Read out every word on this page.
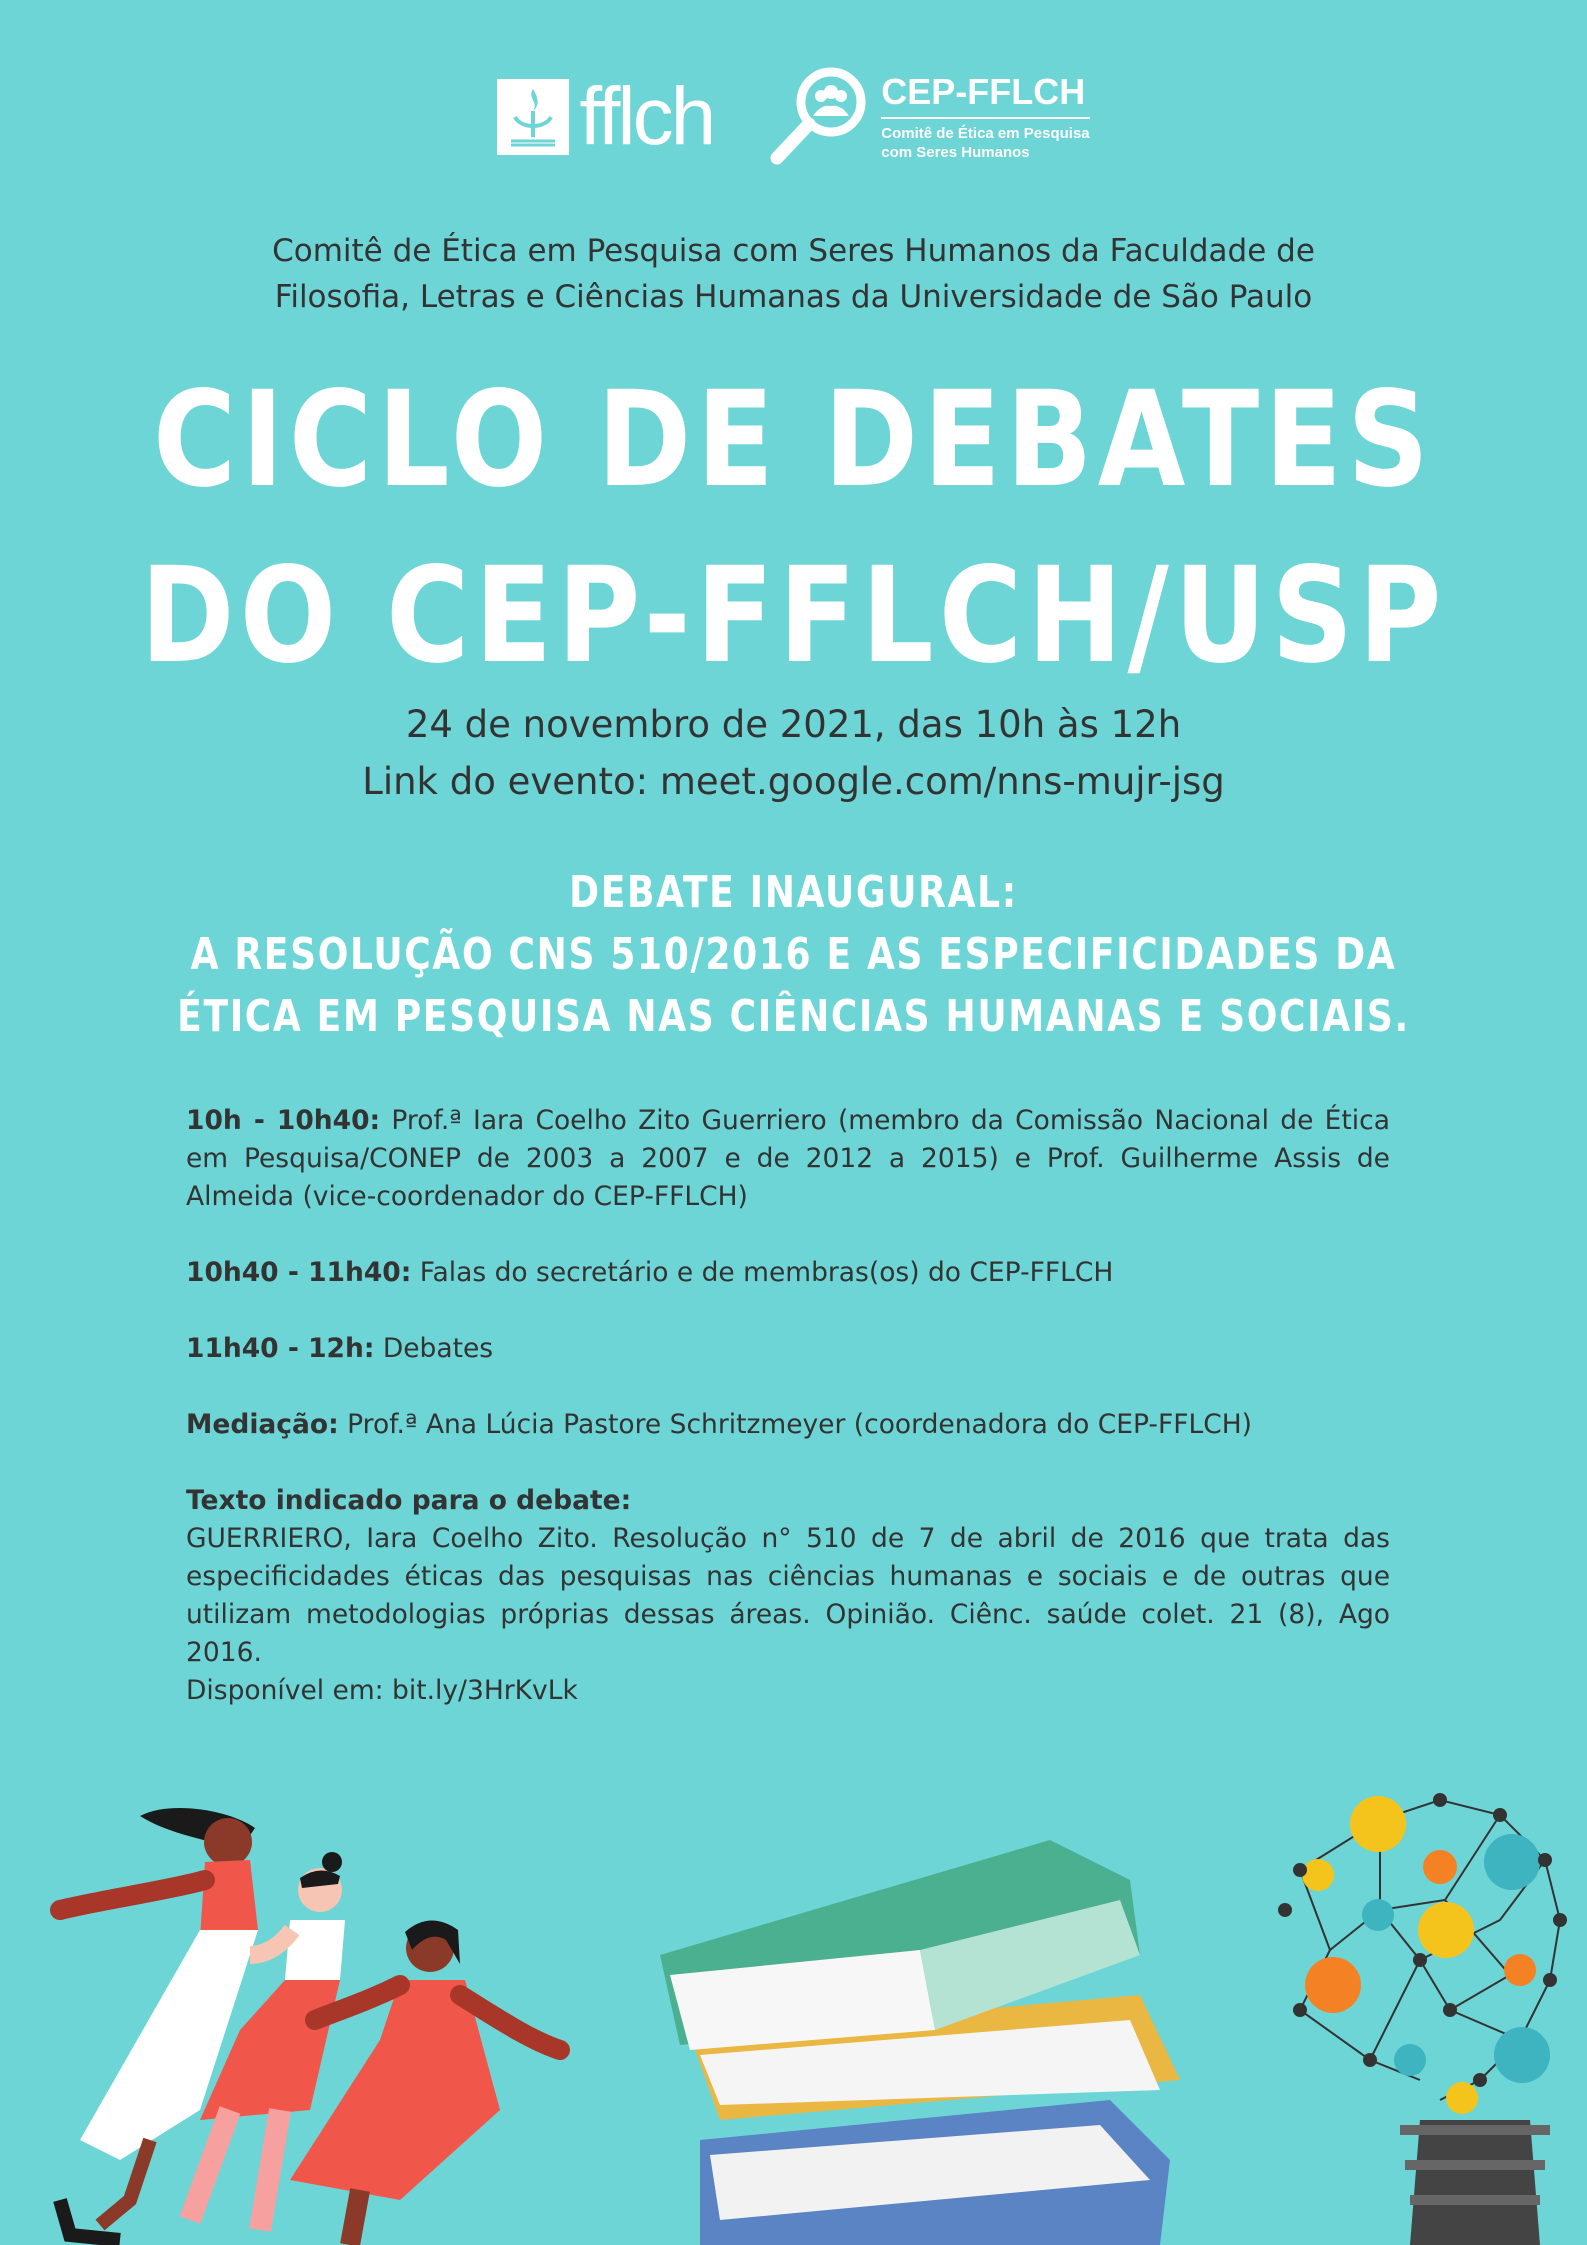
fflch	CEP-FFLCH
Comitê de Ética em Pesquisa
com Seres Humanos
Comitê de Ética em Pesquisa com Seres Humanos da Faculdade de
Filosofia, Letras e Ciências Humanas da Universidade de São Paulo
CICLO DE DEBATES
DO CEP-FFLCH/USP
24 de novembro de 2021, das 10h às 12h
Link do evento: meet.google.com/nns-mujr-jsg
DEBATE INAUGURAL:
A RESOLUÇÃO CNS 510/2016 E AS ESPECIFICIDADES DA
ÉTICA EM PESQUISA NAS CIÊNCIAS HUMANAS E SOCIAIS.

10h - 10h40: Prof.ª Iara Coelho Zito Guerriero (membro da Comissão Nacional de Ética em Pesquisa/CONEP de 2003 a 2007 e de 2012 a 2015) e Prof. Guilherme Assis de Almeida (vice-coordenador do CEP-FFLCH)

10h40 - 11h40: Falas do secretário e de membras(os) do CEP-FFLCH

11h40 - 12h: Debates

Mediação: Prof.ª Ana Lúcia Pastore Schritzmeyer (coordenadora do CEP-FFLCH)

Texto indicado para o debate:
GUERRIERO, Iara Coelho Zito. Resolução n° 510 de 7 de abril de 2016 que trata das especificidades éticas das pesquisas nas ciências humanas e sociais e de outras que utilizam metodologias próprias dessas áreas. Opinião. Ciênc. saúde colet. 21 (8), Ago 2016.
Disponível em: bit.ly/3HrKvLk
